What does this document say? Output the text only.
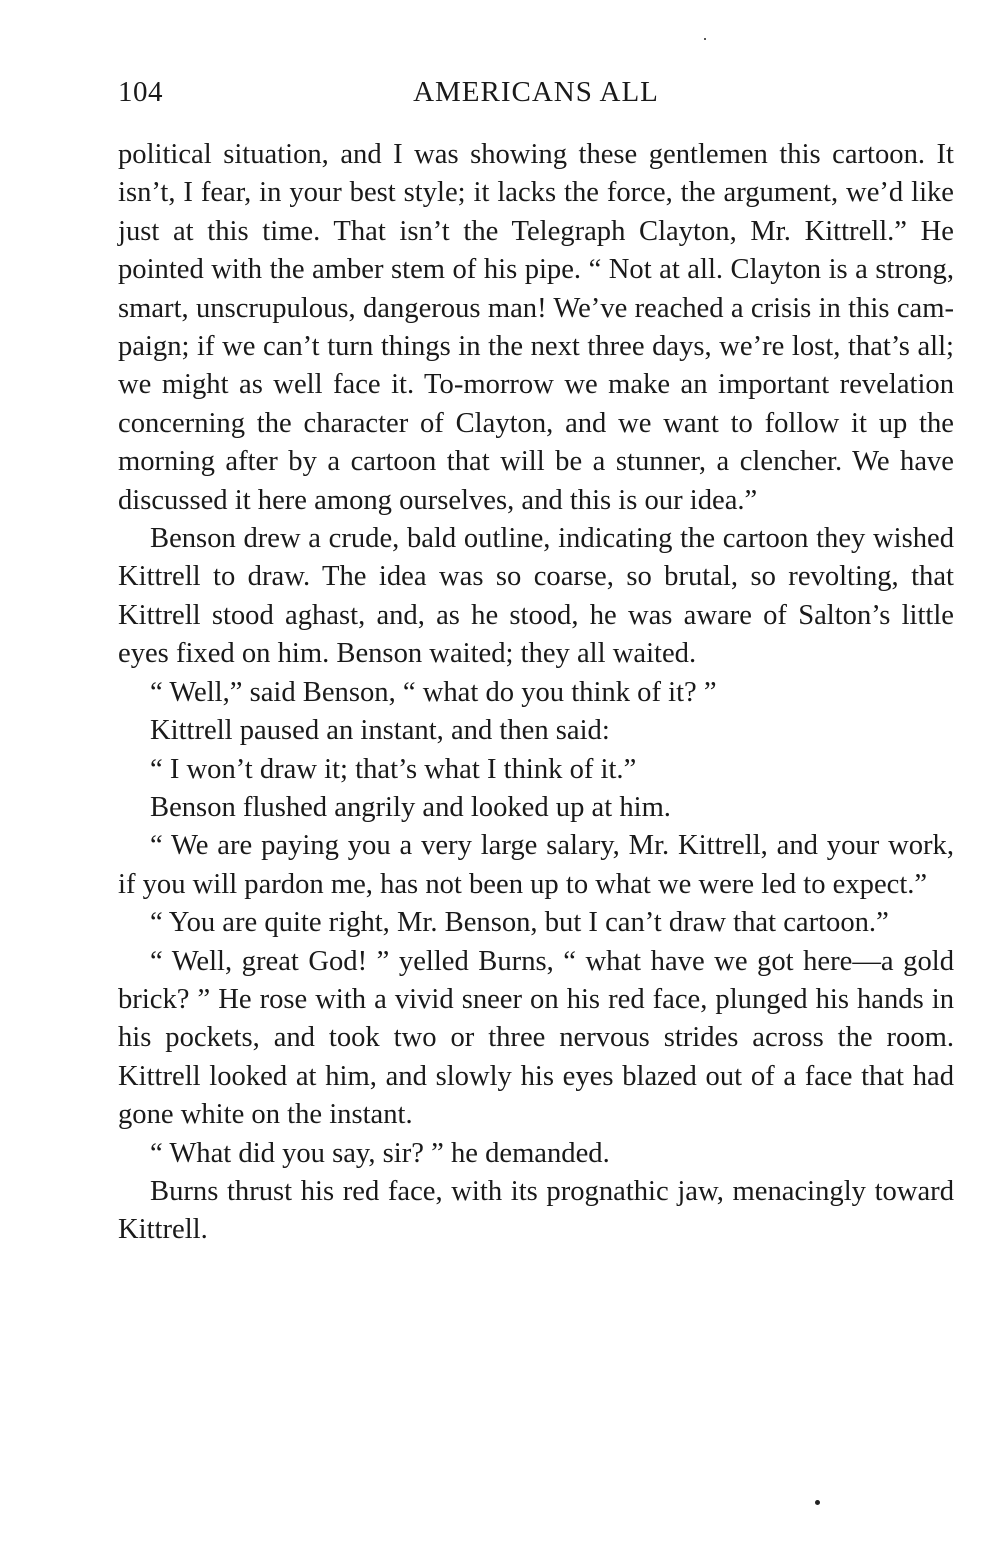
104	AMERICANS ALL

political situation, and I was showing these gentlemen this cartoon. It isn’t, I fear, in your best style; it lacks the force, the argument, we’d like just at this time. That isn’t the Telegraph Clayton, Mr. Kittrell.” He pointed with the amber stem of his pipe. “ Not at all. Clayton is a strong, smart, unscrupulous, dangerous man! We’ve reached a crisis in this campaign; if we can’t turn things in the next three days, we’re lost, that’s all; we might as well face it. To-morrow we make an important revelation concerning the character of Clayton, and we want to follow it up the morning after by a cartoon that will be a stunner, a clencher. We have discussed it here among ourselves, and this is our idea.”

Benson drew a crude, bald outline, indicating the cartoon they wished Kittrell to draw. The idea was so coarse, so brutal, so revolting, that Kittrell stood aghast, and, as he stood, he was aware of Salton’s little eyes fixed on him. Benson waited; they all waited.

“ Well,” said Benson, “ what do you think of it? ”

Kittrell paused an instant, and then said:

“ I won’t draw it; that’s what I think of it.”

Benson flushed angrily and looked up at him.

“ We are paying you a very large salary, Mr. Kittrell, and your work, if you will pardon me, has not been up to what we were led to expect.”

“ You are quite right, Mr. Benson, but I can’t draw that cartoon.”

“ Well, great God! ” yelled Burns, “ what have we got here—a gold brick? ” He rose with a vivid sneer on his red face, plunged his hands in his pockets, and took two or three nervous strides across the room. Kittrell looked at him, and slowly his eyes blazed out of a face that had gone white on the instant.

“ What did you say, sir? ” he demanded.

Burns thrust his red face, with its prognathic jaw, menacingly toward Kittrell.
